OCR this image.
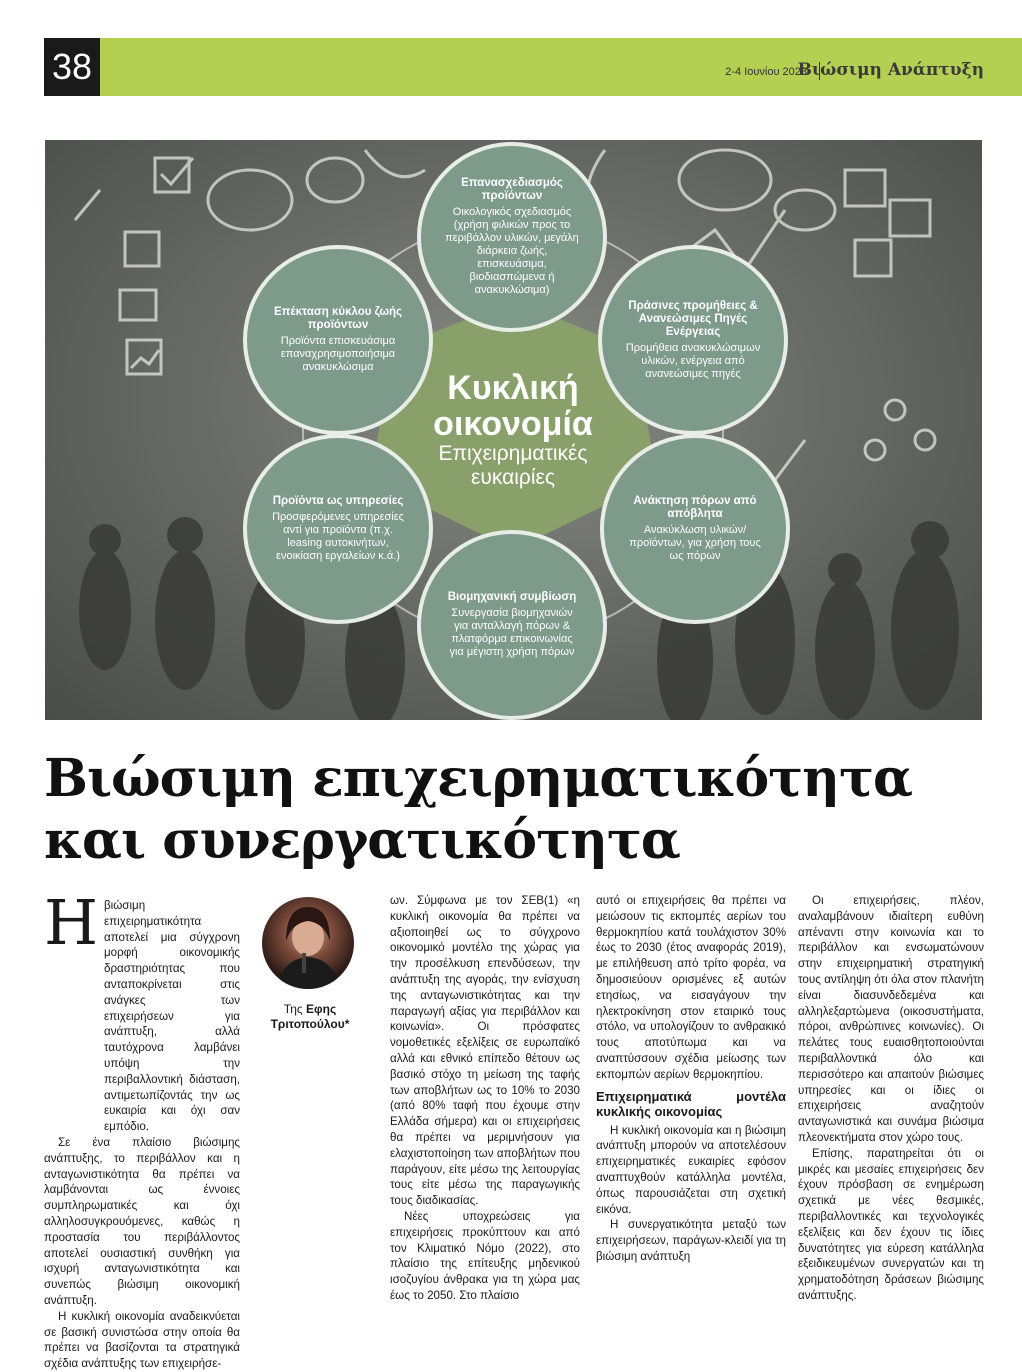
38	2-4 Ιουνίου 2023
Βιώσιμη Ανάπτυξη
Κυκλική
οικονομία
Επιχειρηματικές
ευκαιρίες
Επανασχεδιασμός προϊόντων
Οικολογικός σχεδιασμός (χρήση φιλικών προς το περιβάλλον υλικών, μεγάλη διάρκεια ζωής, επισκευάσιμα, βιοδιασπώμενα ή ανακυκλώσιμα)
Πράσινες προμήθειες & Ανανεώσιμες Πηγές Ενέργειας
Προμήθεια ανακυκλώσιμων υλικών, ενέργεια από ανανεώσιμες πηγές
Ανάκτηση πόρων από απόβλητα
Ανακύκλωση υλικών/προϊόντων, για χρήση τους ως πόρων
Βιομηχανική συμβίωση
Συνεργασία βιομηχανιών για ανταλλαγή πόρων & πλατφόρμα επικοινωνίας για μέγιστη χρήση πόρων
Προϊόντα ως υπηρεσίες
Προσφερόμενες υπηρεσίες αντί για προϊόντα (π.χ. leasing αυτοκινήτων, ενοικίαση εργαλείων κ.ά.)
Επέκταση κύκλου ζωής προϊόντων
Προϊόντα επισκευάσιμα επαναχρησιμοποιήσιμα ανακυκλώσιμα
Βιώσιμη επιχειρηματικότητα
και συνεργατικότητα
Η βιώσιμη επιχειρηματικότητα αποτελεί μια σύγχρονη μορφή οικονομικής δραστηριότητας που ανταποκρίνεται στις ανάγκες των επιχειρήσεων για ανάπτυξη, αλλά ταυτόχρονα λαμβάνει υπόψη την περιβαλλοντική διάσταση, αντιμετωπίζοντάς την ως ευκαιρία και όχι σαν εμπόδιο.

Σε ένα πλαίσιο βιώσιμης ανάπτυξης, το περιβάλλον και η ανταγωνιστικότητα θα πρέπει να λαμβάνονται ως έννοιες συμπληρωματικές και όχι αλληλοσυγκρουόμενες, καθώς η προστασία του περιβάλλοντος αποτελεί ουσιαστική συνθήκη για ισχυρή ανταγωνιστικότητα και συνεπώς βιώσιμη οικονομική ανάπτυξη.

Η κυκλική οικονομία αναδεικνύεται σε βασική συνιστώσα στην οποία θα πρέπει να βασίζονται τα στρατηγικά σχέδια ανάπτυξης των επιχειρήσε-

Της Εφης
Τριτοπούλου*

ων. Σύμφωνα με τον ΣΕΒ(1) «η κυκλική οικονομία θα πρέπει να αξιοποιηθεί ως το σύγχρονο οικονομικό μοντέλο της χώρας για την προσέλκυση επενδύσεων, την ανάπτυξη της αγοράς, την ενίσχυση της ανταγωνιστικότητας και την παραγωγή αξίας για περιβάλλον και κοινωνία». Οι πρόσφατες νομοθετικές εξελίξεις σε ευρωπαϊκό αλλά και εθνικό επίπεδο θέτουν ως βασικό στόχο τη μείωση της ταφής των αποβλήτων ως το 10% το 2030 (από 80% ταφή που έχουμε στην Ελλάδα σήμερα) και οι επιχειρήσεις θα πρέπει να μεριμνήσουν για ελαχιστοποίηση των αποβλήτων που παράγουν, είτε μέσω της λειτουργίας τους είτε μέσω της παραγωγικής τους διαδικασίας.

Νέες υποχρεώσεις για επιχειρήσεις προκύπτουν και από τον Κλιματικό Νόμο (2022), στο πλαίσιο της επίτευξης μηδενικού ισοζυγίου άνθρακα για τη χώρα μας έως το 2050. Στο πλαίσιο

αυτό οι επιχειρήσεις θα πρέπει να μειώσουν τις εκπομπές αερίων του θερμοκηπίου κατά τουλάχιστον 30% έως το 2030 (έτος αναφοράς 2019), με επιλήθευση από τρίτο φορέα, να δημοσιεύουν ορισμένες εξ αυτών ετησίως, να εισαγάγουν την ηλεκτροκίνηση στον εταιρικό τους στόλο, να υπολογίζουν το ανθρακικό τους αποτύπωμα και να αναπτύσσουν σχέδια μείωσης των εκπομπών αερίων θερμοκηπίου.

Επιχειρηματικά μοντέλα κυκλικής οικονομίας

Η κυκλική οικονομία και η βιώσιμη ανάπτυξη μπορούν να αποτελέσουν επιχειρηματικές ευκαιρίες εφόσον αναπτυχθούν κατάλληλα μοντέλα, όπως παρουσιάζεται στη σχετική εικόνα.

Η συνεργατικότητα μεταξύ των επιχειρήσεων, παράγων-κλειδί για τη βιώσιμη ανάπτυξη

Οι επιχειρήσεις, πλέον, αναλαμβάνουν ιδιαίτερη ευθύνη απέναντι στην κοινωνία και το περιβάλλον και ενσωματώνουν στην επιχειρηματική στρατηγική τους αντίληψη ότι όλα στον πλανήτη είναι διασυνδεδεμένα και αλληλεξαρτώμενα (οικοσυστήματα, πόροι, ανθρώπινες κοινωνίες). Οι πελάτες τους ευαισθητοποιούνται περιβαλλοντικά όλο και περισσότερο και απαιτούν βιώσιμες υπηρεσίες και οι ίδιες οι επιχειρήσεις αναζητούν ανταγωνιστικά και συνάμα βιώσιμα πλεονεκτήματα στον χώρο τους.

Επίσης, παρατηρείται ότι οι μικρές και μεσαίες επιχειρήσεις δεν έχουν πρόσβαση σε ενημέρωση σχετικά με νέες θεσμικές, περιβαλλοντικές και τεχνολογικές εξελίξεις και δεν έχουν τις ίδιες δυνατότητες για εύρεση κατάλληλα εξειδικευμένων συνεργατών και τη χρηματοδότηση δράσεων βιώσιμης ανάπτυξης.
